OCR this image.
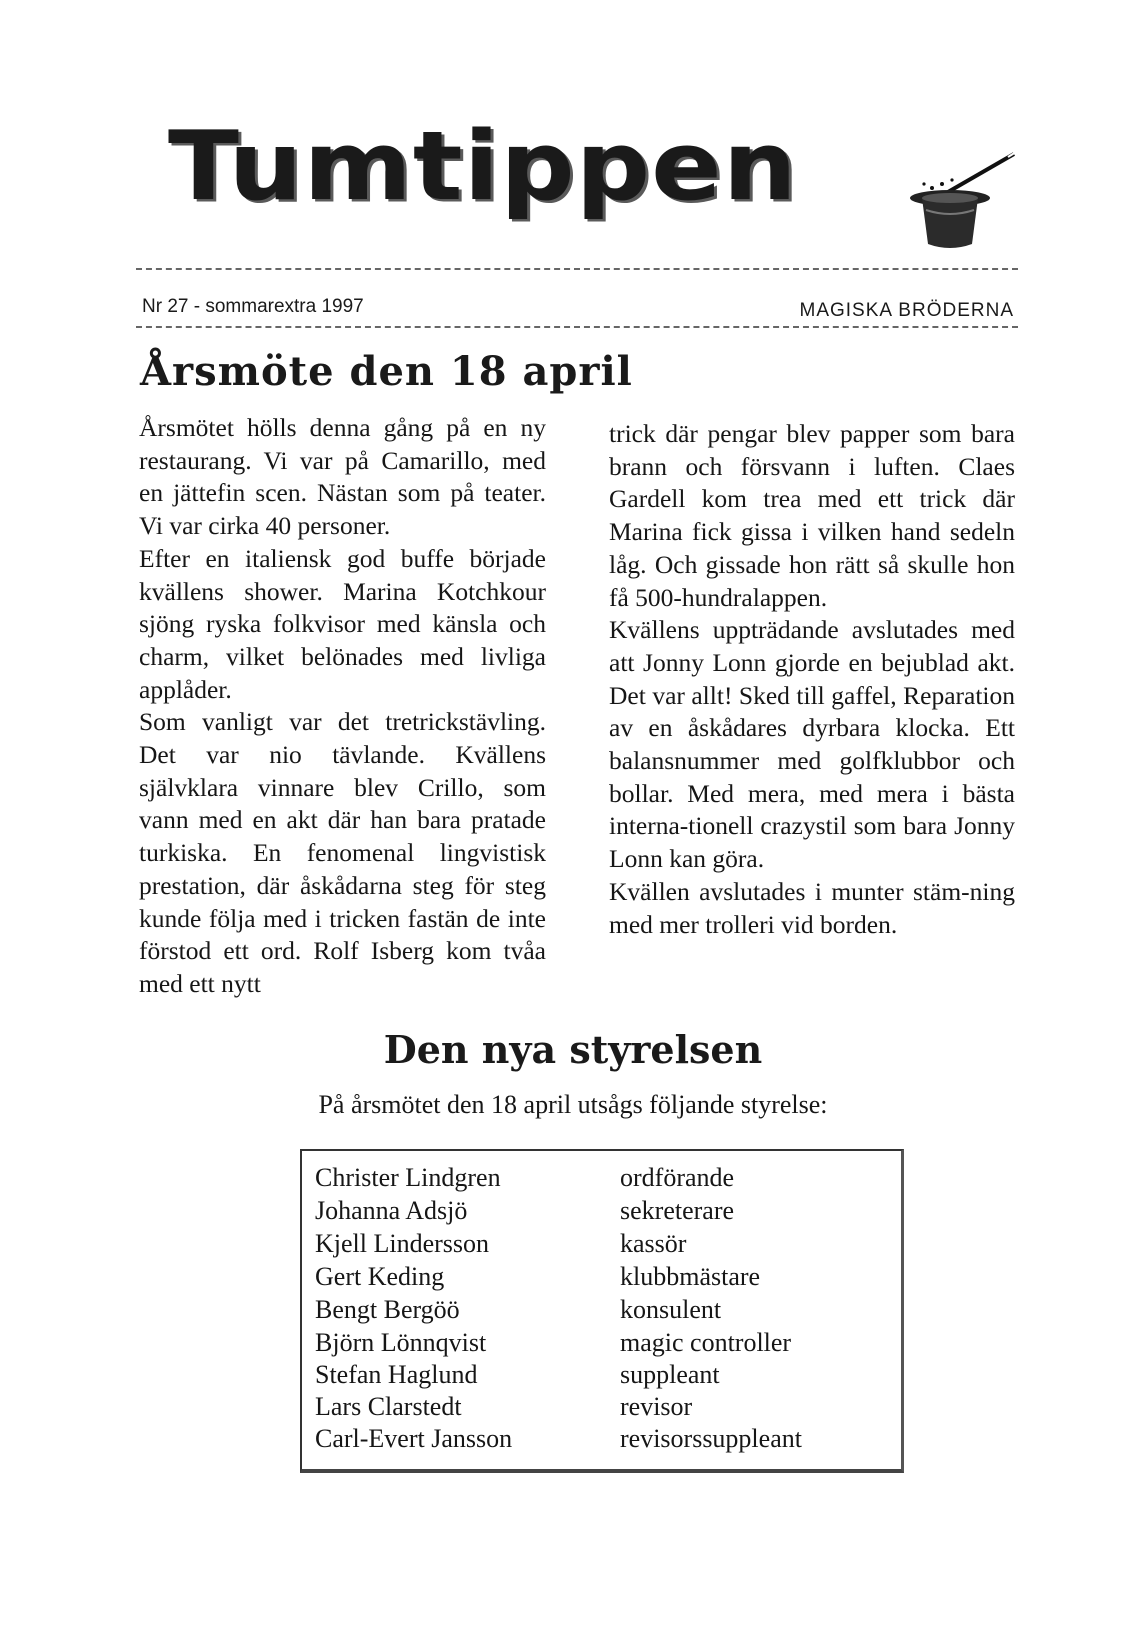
Tumtippen
Nr 27 - sommarextra 1997	MAGISKA BRÖDERNA
Årsmöte den 18 april
Årsmötet hölls denna gång på en ny restaurang. Vi var på Camarillo, med en jättefin scen. Nästan som på teater. Vi var cirka 40 personer.
Efter en italiensk god buffe började kvällens shower. Marina Kotchkour sjöng ryska folkvisor med känsla och charm, vilket belönades med livliga applåder.
Som vanligt var det tretrickstävling. Det var nio tävlande. Kvällens självklara vinnare blev Crillo, som vann med en akt där han bara pratade turkiska. En fenomenal lingvistisk prestation, där åskådarna steg för steg kunde följa med i tricken fastän de inte förstod ett ord. Rolf Isberg kom tvåa med ett nytt
trick där pengar blev papper som bara brann och försvann i luften. Claes Gardell kom trea med ett trick där Marina fick gissa i vilken hand sedeln låg. Och gissade hon rätt så skulle hon få 500-hundralappen.
Kvällens uppträdande avslutades med att Jonny Lonn gjorde en bejublad akt. Det var allt! Sked till gaffel, Reparation av en åskådares dyrbara klocka. Ett balansnummer med golfklubbor och bollar. Med mera, med mera i bästa interna-tionell crazystil som bara Jonny Lonn kan göra.
Kvällen avslutades i munter stäm-ning med mer trolleri vid borden.
Den nya styrelsen
På årsmötet den 18 april utsågs följande styrelse:
Christer Lindgren	ordförande
Johanna Adsjö	sekreterare
Kjell Lindersson	kassör
Gert Keding	klubbmästare
Bengt Bergöö	konsulent
Björn Lönnqvist	magic controller
Stefan Haglund	suppleant
Lars Clarstedt	revisor
Carl-Evert Jansson	revisorssuppleant
